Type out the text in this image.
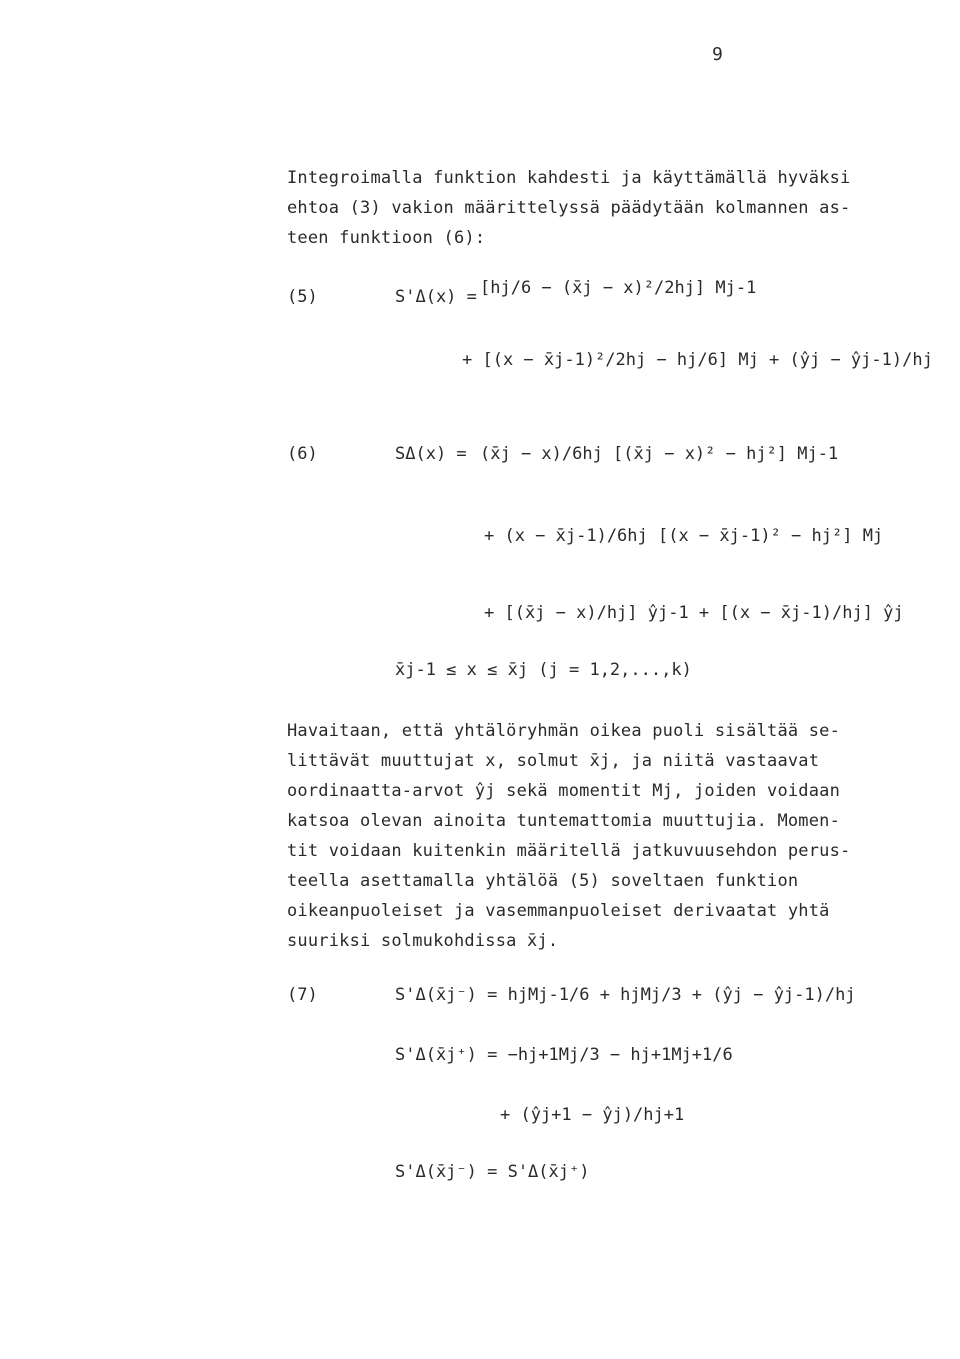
9
Integroimalla funktion kahdesti ja käyttämällä hyväksi
ehtoa (3) vakion määrittelyssä päädytään kolmannen as-
teen funktioon (6):
(5)	S'Δ(x) = [hj/6 − (x̄j − x)²/2hj] Mj-1
+ [(x − x̄j-1)²/2hj − hj/6] Mj + (ŷj − ŷj-1)/hj
(6)	SΔ(x) = (x̄j − x)/6hj [(x̄j − x)² − hj²] Mj-1
+ (x − x̄j-1)/6hj [(x − x̄j-1)² − hj²] Mj
+ [(x̄j − x)/hj] ŷj-1 + [(x − x̄j-1)/hj] ŷj
x̄j-1 ≤ x ≤ x̄j (j = 1,2,...,k)
Havaitaan, että yhtälöryhmän oikea puoli sisältää se-
littävät muuttujat x, solmut x̄j, ja niitä vastaavat
oordinaatta-arvot ŷj sekä momentit Mj, joiden voidaan
katsoa olevan ainoita tuntemattomia muuttujia. Momen-
tit voidaan kuitenkin määritellä jatkuvuusehdon perus-
teella asettamalla yhtälöä (5) soveltaen funktion
oikeanpuoleiset ja vasemmanpuoleiset derivaatat yhtä
suuriksi solmukohdissa x̄j.
(7)	S'Δ(x̄j⁻) = hjMj-1/6 + hjMj/3 + (ŷj − ŷj-1)/hj
S'Δ(x̄j⁺) = −hj+1Mj/3 − hj+1Mj+1/6
+ (ŷj+1 − ŷj)/hj+1
S'Δ(x̄j⁻) = S'Δ(x̄j⁺)
